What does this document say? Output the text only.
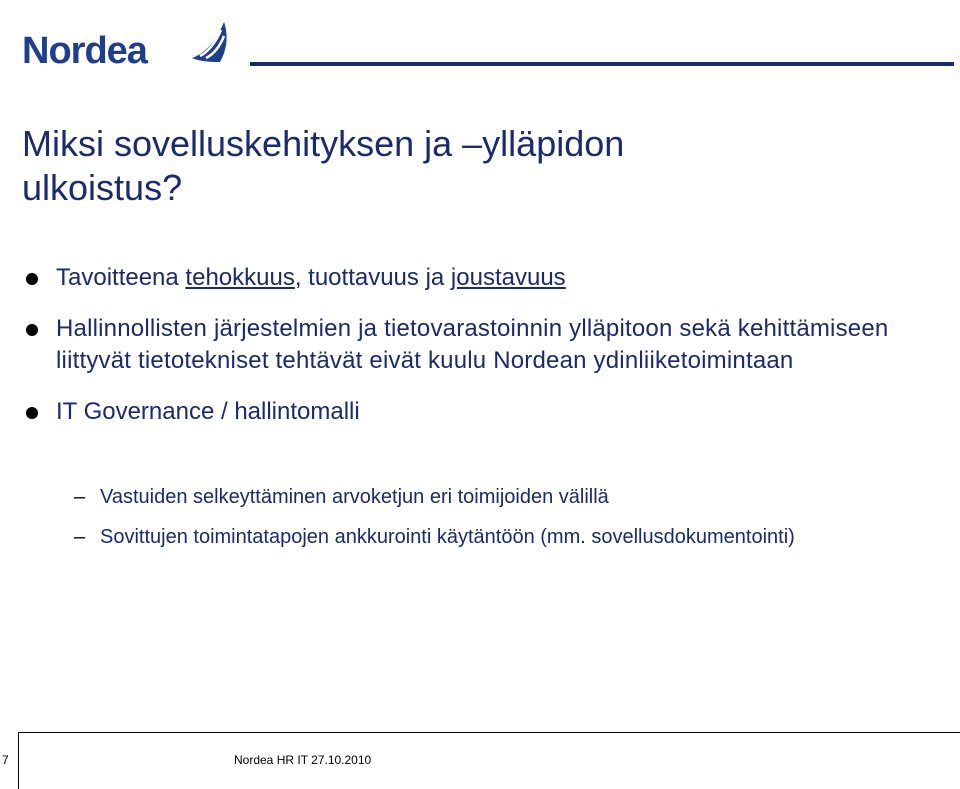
Nordea
Miksi sovelluskehityksen ja –ylläpidon
ulkoistus?
Tavoitteena tehokkuus, tuottavuus ja joustavuus
Hallinnollisten järjestelmien ja tietovarastoinnin ylläpitoon sekä kehittämiseen liittyvät tietotekniset tehtävät eivät kuulu Nordean ydinliiketoimintaan
IT Governance / hallintomalli
– Vastuiden selkeyttäminen arvoketjun eri toimijoiden välillä
– Sovittujen toimintatapojen ankkurointi käytäntöön (mm. sovellusdokumentointi)
7	Nordea HR IT 27.10.2010
